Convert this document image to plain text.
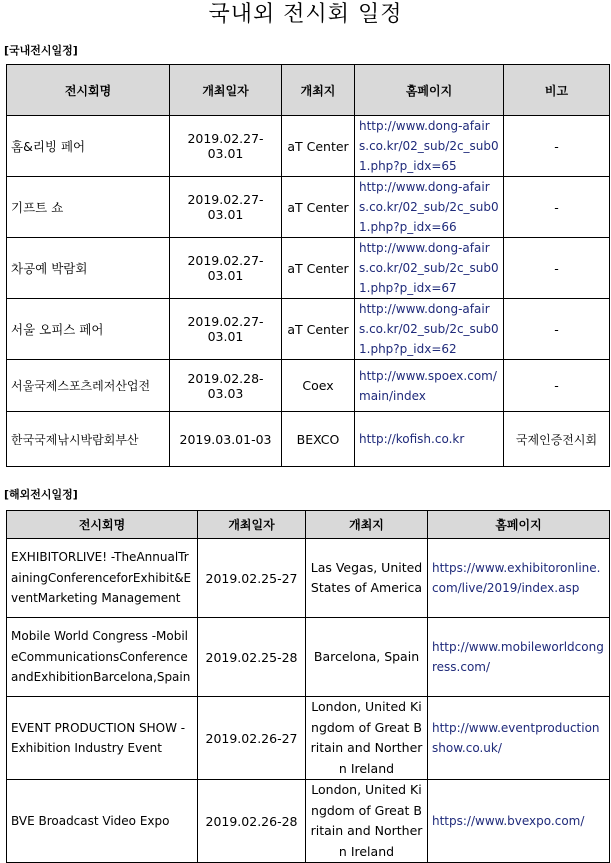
국내외 전시회 일정
[국내전시일정]
전시회명	개최일자	개최지	홈페이지	비고
홈&리빙 페어	2019.02.27-03.01	aT Center	http://www.dong-afairs.co.kr/02_sub/2c_sub01.php?p_idx=65	-
기프트 쇼	2019.02.27-03.01	aT Center	http://www.dong-afairs.co.kr/02_sub/2c_sub01.php?p_idx=66	-
차공예 박람회	2019.02.27-03.01	aT Center	http://www.dong-afairs.co.kr/02_sub/2c_sub01.php?p_idx=67	-
서울 오피스 페어	2019.02.27-03.01	aT Center	http://www.dong-afairs.co.kr/02_sub/2c_sub01.php?p_idx=62	-
서울국제스포츠레저산업전	2019.02.28-03.03	Coex	http://www.spoex.com/main/index	-
한국국제낚시박람회부산	2019.03.01-03	BEXCO	http://kofish.co.kr	국제인증전시회
[해외전시일정]
전시회명	개최일자	개최지	홈페이지
EXHIBITORLIVE! -TheAnnualTrainingConferenceforExhibit&EventMarketing Management	2019.02.25-27	Las Vegas, United States of America	https://www.exhibitoronline.com/live/2019/index.asp
Mobile World Congress -MobileCommunicationsConferenceandExhibitionBarcelona,Spain	2019.02.25-28	Barcelona, Spain	http://www.mobileworldcongress.com/
EVENT PRODUCTION SHOW - Exhibition Industry Event	2019.02.26-27	London, United Kingdom of Great Britain and Northern Ireland	http://www.eventproductionshow.co.uk/
BVE Broadcast Video Expo	2019.02.26-28	London, United Kingdom of Great Britain and Northern Ireland	https://www.bvexpo.com/
